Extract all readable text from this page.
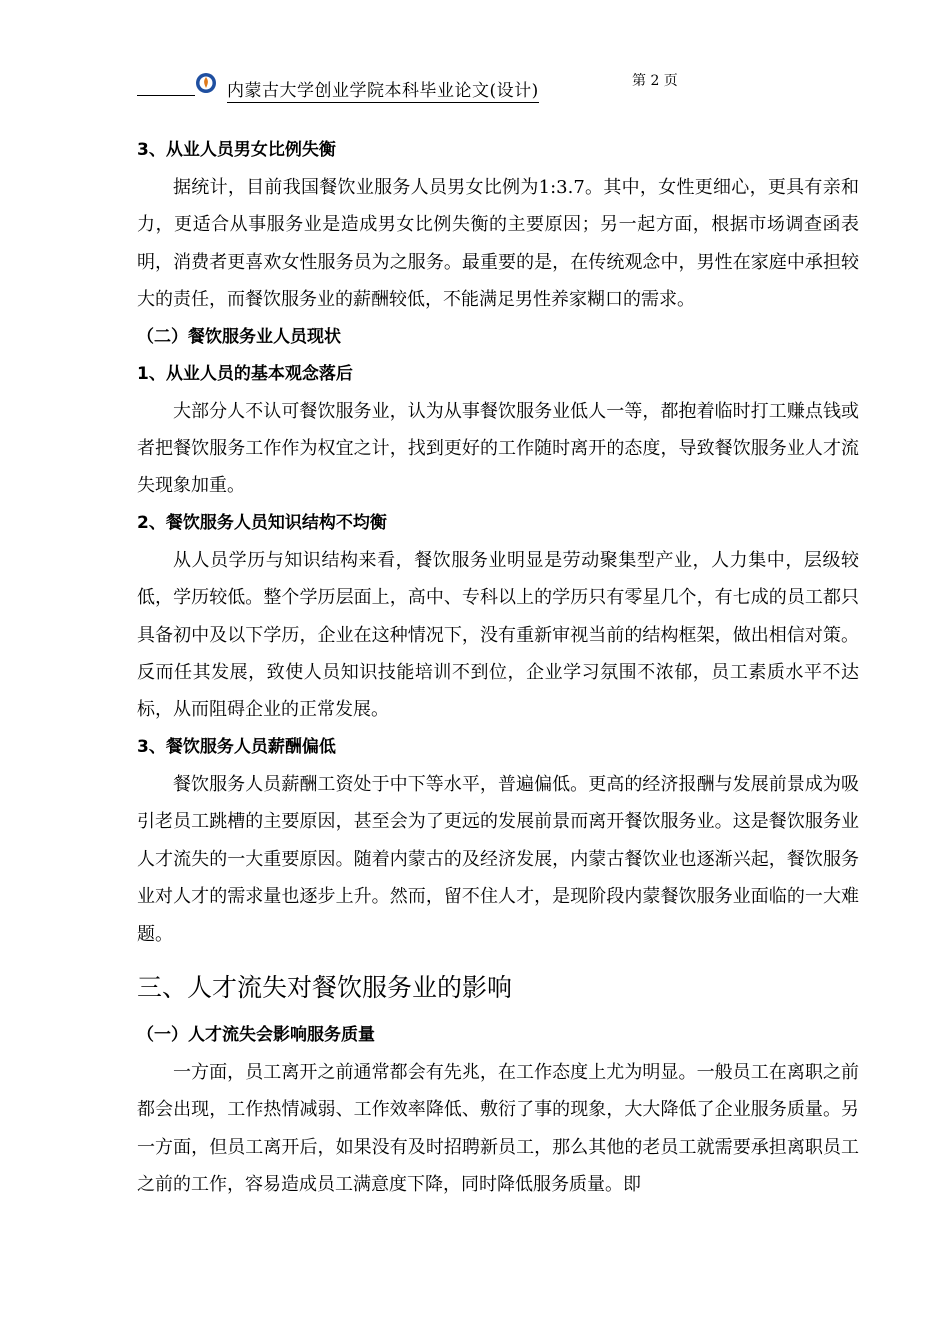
内蒙古大学创业学院本科毕业论文(设计)	第 2 页
3、从业人员男女比例失衡
据统计，目前我国餐饮业服务人员男女比例为1:3.7。其中，女性更细心，更具有亲和力，更适合从事服务业是造成男女比例失衡的主要原因；另一起方面，根据市场调查函表明，消费者更喜欢女性服务员为之服务。最重要的是，在传统观念中，男性在家庭中承担较大的责任，而餐饮服务业的薪酬较低，不能满足男性养家糊口的需求。
（二）餐饮服务业人员现状
1、从业人员的基本观念落后
大部分人不认可餐饮服务业，认为从事餐饮服务业低人一等，都抱着临时打工赚点钱或者把餐饮服务工作作为权宜之计，找到更好的工作随时离开的态度，导致餐饮服务业人才流失现象加重。
2、餐饮服务人员知识结构不均衡
从人员学历与知识结构来看，餐饮服务业明显是劳动聚集型产业，人力集中，层级较低，学历较低。整个学历层面上，高中、专科以上的学历只有零星几个，有七成的员工都只具备初中及以下学历，企业在这种情况下，没有重新审视当前的结构框架，做出相信对策。反而任其发展，致使人员知识技能培训不到位，企业学习氛围不浓郁，员工素质水平不达标，从而阻碍企业的正常发展。
3、餐饮服务人员薪酬偏低
餐饮服务人员薪酬工资处于中下等水平，普遍偏低。更高的经济报酬与发展前景成为吸引老员工跳槽的主要原因，甚至会为了更远的发展前景而离开餐饮服务业。这是餐饮服务业人才流失的一大重要原因。随着内蒙古的及经济发展，内蒙古餐饮业也逐渐兴起，餐饮服务业对人才的需求量也逐步上升。然而，留不住人才，是现阶段内蒙餐饮服务业面临的一大难题。
三、人才流失对餐饮服务业的影响
（一）人才流失会影响服务质量
一方面，员工离开之前通常都会有先兆，在工作态度上尤为明显。一般员工在离职之前都会出现，工作热情减弱、工作效率降低、敷衍了事的现象，大大降低了企业服务质量。另一方面，但员工离开后，如果没有及时招聘新员工，那么其他的老员工就需要承担离职员工之前的工作，容易造成员工满意度下降，同时降低服务质量。即
